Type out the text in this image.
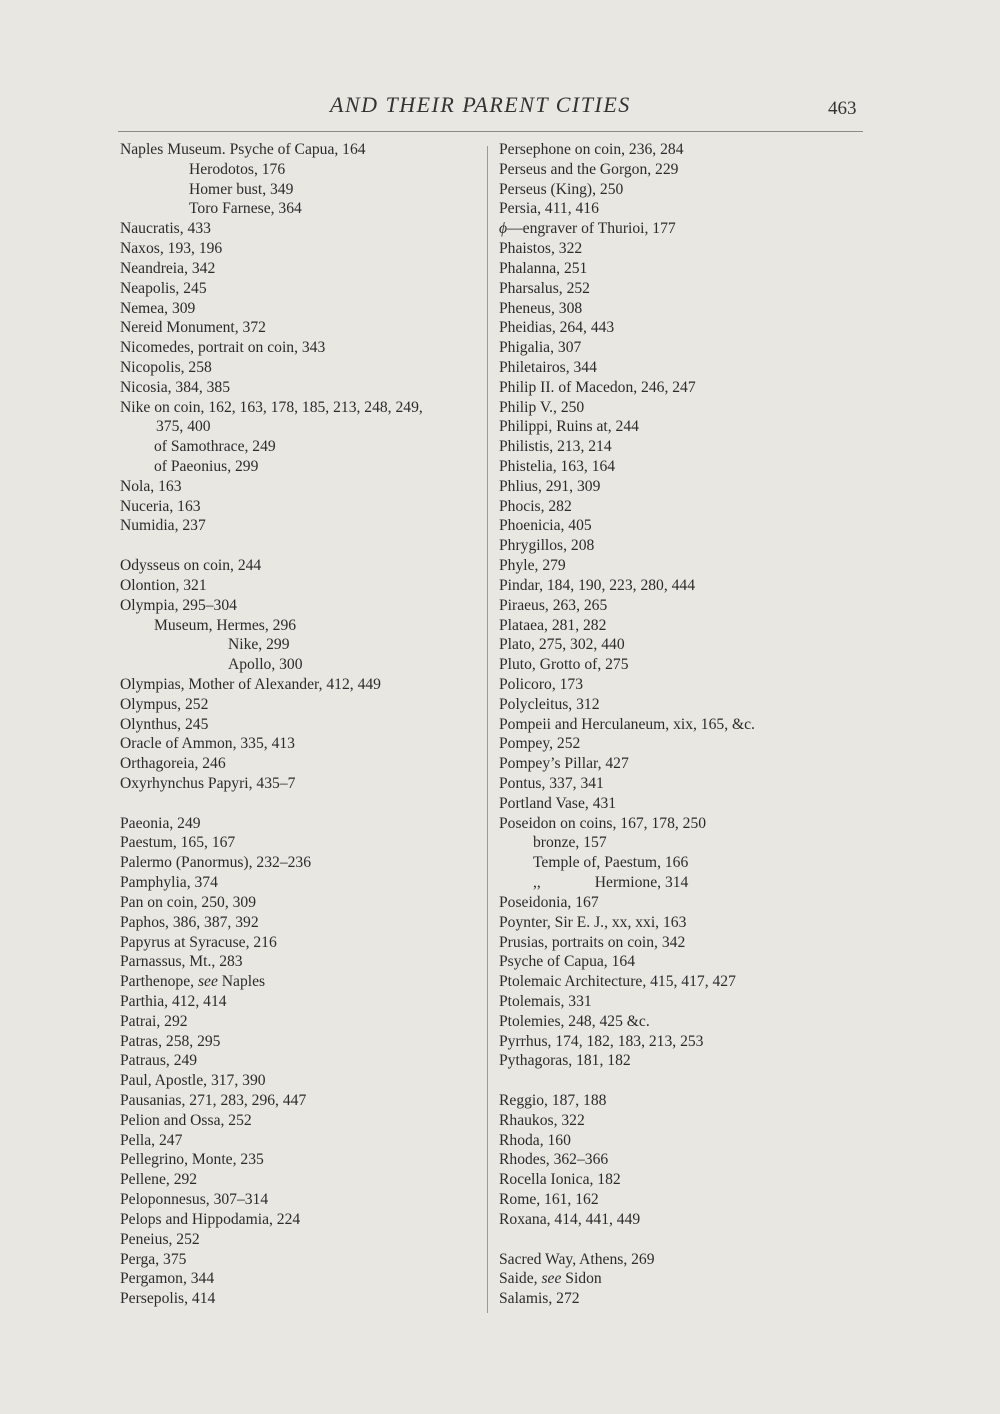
AND THEIR PARENT CITIES	463
Naples Museum. Psyche of Capua, 164
Herodotos, 176
Homer bust, 349
Toro Farnese, 364
Naucratis, 433
Naxos, 193, 196
Neandreia, 342
Neapolis, 245
Nemea, 309
Nereid Monument, 372
Nicomedes, portrait on coin, 343
Nicopolis, 258
Nicosia, 384, 385
Nike on coin, 162, 163, 178, 185, 213, 248, 249,
375, 400
of Samothrace, 249
of Paeonius, 299
Nola, 163
Nuceria, 163
Numidia, 237
Odysseus on coin, 244
Olontion, 321
Olympia, 295–304
Museum, Hermes, 296
Nike, 299
Apollo, 300
Olympias, Mother of Alexander, 412, 449
Olympus, 252
Olynthus, 245
Oracle of Ammon, 335, 413
Orthagoreia, 246
Oxyrhynchus Papyri, 435–7
Paeonia, 249
Paestum, 165, 167
Palermo (Panormus), 232–236
Pamphylia, 374
Pan on coin, 250, 309
Paphos, 386, 387, 392
Papyrus at Syracuse, 216
Parnassus, Mt., 283
Parthenope, see Naples
Parthia, 412, 414
Patrai, 292
Patras, 258, 295
Patraus, 249
Paul, Apostle, 317, 390
Pausanias, 271, 283, 296, 447
Pelion and Ossa, 252
Pella, 247
Pellegrino, Monte, 235
Pellene, 292
Peloponnesus, 307–314
Pelops and Hippodamia, 224
Peneius, 252
Perga, 375
Pergamon, 344
Persepolis, 414
Persephone on coin, 236, 284
Perseus and the Gorgon, 229
Perseus (King), 250
Persia, 411, 416
ϕ—engraver of Thurioi, 177
Phaistos, 322
Phalanna, 251
Pharsalus, 252
Pheneus, 308
Pheidias, 264, 443
Phigalia, 307
Philetairos, 344
Philip II. of Macedon, 246, 247
Philip V., 250
Philippi, Ruins at, 244
Philistis, 213, 214
Phistelia, 163, 164
Phlius, 291, 309
Phocis, 282
Phoenicia, 405
Phrygillos, 208
Phyle, 279
Pindar, 184, 190, 223, 280, 444
Piraeus, 263, 265
Plataea, 281, 282
Plato, 275, 302, 440
Pluto, Grotto of, 275
Policoro, 173
Polycleitus, 312
Pompeii and Herculaneum, xix, 165, &c.
Pompey, 252
Pompey’s Pillar, 427
Pontus, 337, 341
Portland Vase, 431
Poseidon on coins, 167, 178, 250
bronze, 157
Temple of, Paestum, 166
,,	Hermione, 314
Poseidonia, 167
Poynter, Sir E. J., xx, xxi, 163
Prusias, portraits on coin, 342
Psyche of Capua, 164
Ptolemaic Architecture, 415, 417, 427
Ptolemais, 331
Ptolemies, 248, 425 &c.
Pyrrhus, 174, 182, 183, 213, 253
Pythagoras, 181, 182
Reggio, 187, 188
Rhaukos, 322
Rhoda, 160
Rhodes, 362–366
Rocella Ionica, 182
Rome, 161, 162
Roxana, 414, 441, 449
Sacred Way, Athens, 269
Saide, see Sidon
Salamis, 272
